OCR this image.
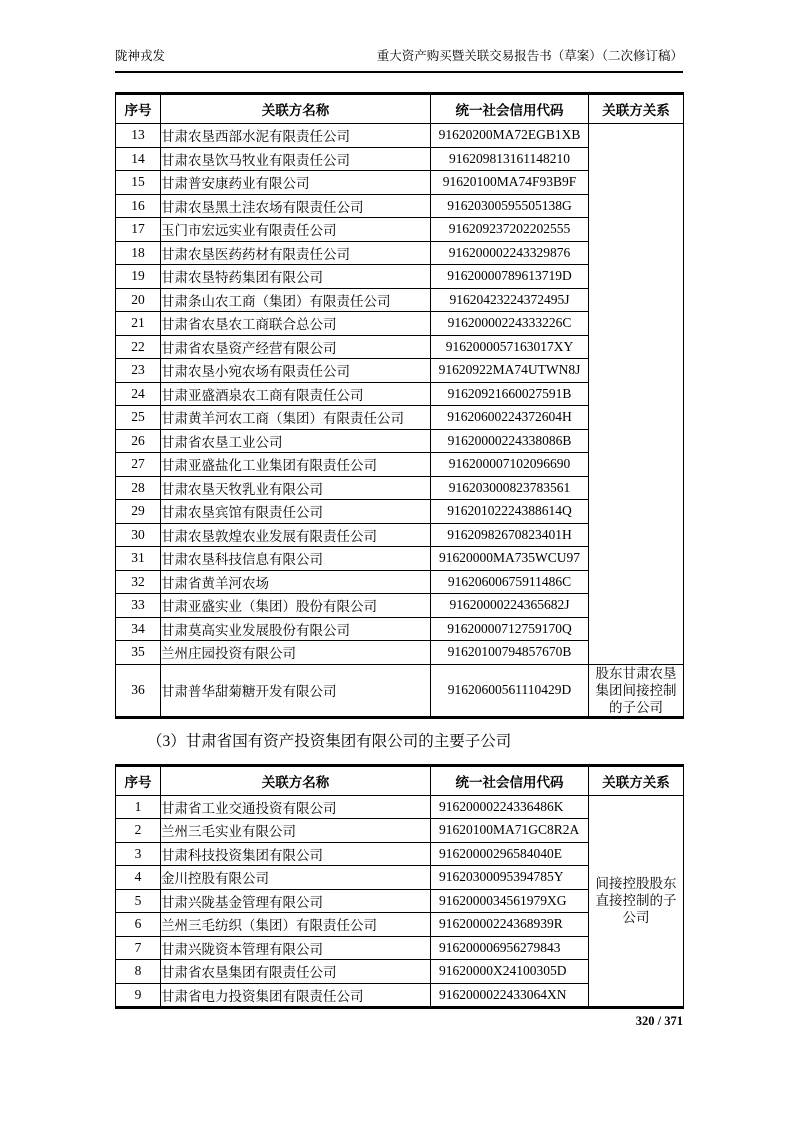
陇神戎发	重大资产购买暨关联交易报告书（草案）（二次修订稿）
序号	关联方名称	统一社会信用代码	关联方关系
13	甘肃农垦西部水泥有限责任公司	91620200MA72EGB1XB	
14	甘肃农垦饮马牧业有限责任公司	916209813161148210	
15	甘肃普安康药业有限公司	91620100MA74F93B9F	
16	甘肃农垦黑土洼农场有限责任公司	91620300595505138G	
17	玉门市宏远实业有限责任公司	916209237202202555	
18	甘肃农垦医药药材有限责任公司	916200002243329876	
19	甘肃农垦特药集团有限公司	91620000789613719D	
20	甘肃条山农工商（集团）有限责任公司	91620423224372495J	
21	甘肃省农垦农工商联合总公司	91620000224333226C	
22	甘肃省农垦资产经营有限公司	9162000057163017XY	
23	甘肃农垦小宛农场有限责任公司	91620922MA74UTWN8J	
24	甘肃亚盛酒泉农工商有限责任公司	91620921660027591B	
25	甘肃黄羊河农工商（集团）有限责任公司	91620600224372604H	
26	甘肃省农垦工业公司	91620000224338086B	
27	甘肃亚盛盐化工业集团有限责任公司	916200007102096690	
28	甘肃农垦天牧乳业有限公司	916203000823783561	
29	甘肃农垦宾馆有限责任公司	91620102224388614Q	
30	甘肃农垦敦煌农业发展有限责任公司	91620982670823401H	
31	甘肃农垦科技信息有限公司	91620000MA735WCU97	
32	甘肃省黄羊河农场	91620600675911486C	
33	甘肃亚盛实业（集团）股份有限公司	91620000224365682J	
34	甘肃莫高实业发展股份有限公司	91620000712759170Q	
35	兰州庄园投资有限公司	91620100794857670B	
36	甘肃普华甜菊糖开发有限公司	91620600561110429D	股东甘肃农垦集团间接控制的子公司
（3）甘肃省国有资产投资集团有限公司的主要子公司
序号	关联方名称	统一社会信用代码	关联方关系
1	甘肃省工业交通投资有限公司	91620000224336486K	间接控股股东直接控制的子公司
2	兰州三毛实业有限公司	91620100MA71GC8R2A	
3	甘肃科技投资集团有限公司	91620000296584040E	
4	金川控股有限公司	91620300095394785Y	
5	甘肃兴陇基金管理有限公司	9162000034561979XG	
6	兰州三毛纺织（集团）有限责任公司	91620000224368939R	
7	甘肃兴陇资本管理有限公司	916200006956279843	
8	甘肃省农垦集团有限责任公司	91620000X24100305D	
9	甘肃省电力投资集团有限责任公司	9162000022433064XN	
320 / 371
